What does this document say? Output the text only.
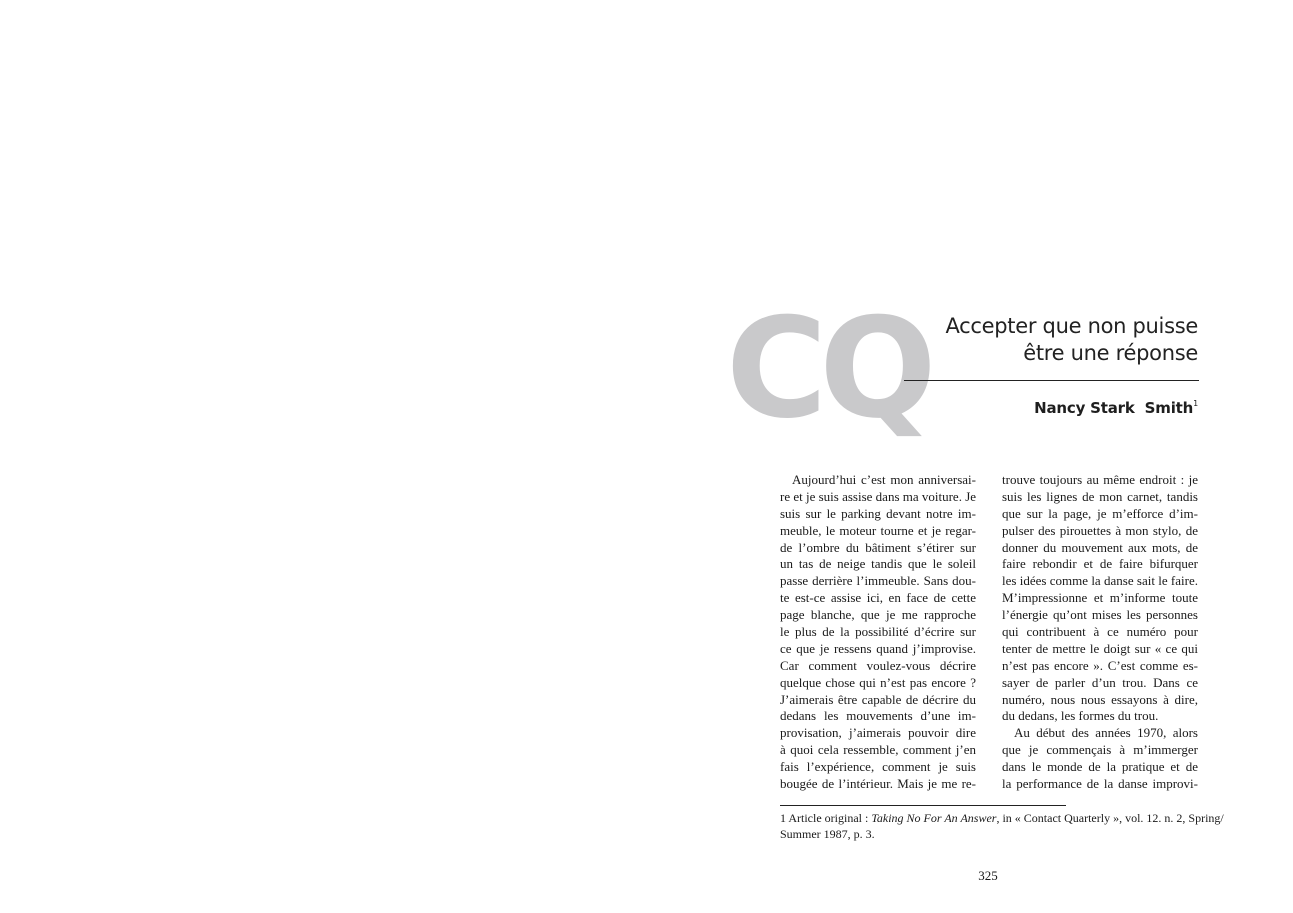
CQ Accepter que non puisse
être une réponse
Nancy Stark  Smith$^1$
Aujourd’hui c’est mon anniversai-
re et je suis assise dans ma voiture. Je
suis sur le parking devant notre im-
meuble, le moteur tourne et je regar-
de l’ombre du bâtiment s’étirer sur
un tas de neige tandis que le soleil
passe derrière l’immeuble. Sans dou-
te est-ce assise ici, en face de cette
page blanche, que je me rapproche
le plus de la possibilité d’écrire sur
ce que je ressens quand j’improvise.
Car comment voulez-vous décrire
quelque chose qui n’est pas encore ?
J’aimerais être capable de décrire du
dedans les mouvements d’une im-
provisation, j’aimerais pouvoir dire
à quoi cela ressemble, comment j’en
fais l’expérience, comment je suis
bougée de l’intérieur. Mais je me re-
trouve toujours au même endroit : je
suis les lignes de mon carnet, tandis
que sur la page, je m’efforce d’im-
pulser des pirouettes à mon stylo, de
donner du mouvement aux mots, de
faire rebondir et de faire bifurquer
les idées comme la danse sait le faire.
M’impressionne et m’informe toute
l’énergie qu’ont mises les personnes
qui contribuent à ce numéro pour
tenter de mettre le doigt sur « ce qui
n’est pas encore ». C’est comme es-
sayer de parler d’un trou. Dans ce
numéro, nous nous essayons à dire,
du dedans, les formes du trou.
Au début des années 1970, alors
que je commençais à m’immerger
dans le monde de la pratique et de
la performance de la danse improvi-
1 Article original : Taking No For An Answer, in « Contact Quarterly », vol. 12. n. 2, Spring/
Summer 1987, p. 3.
325
